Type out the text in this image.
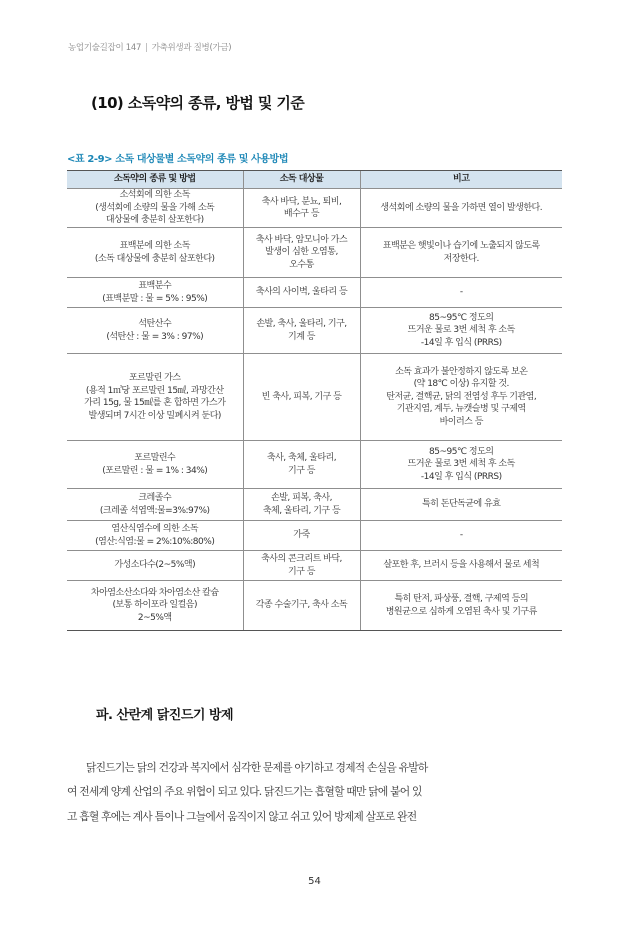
농업기술길잡이 147 | 가축위생과 질병(가금)
(10) 소독약의 종류, 방법 및 기준
<표 2-9> 소독 대상물별 소독약의 종류 및 사용방법
소독약의 종류 및 방법	소독 대상물	비고
소석회에 의한 소독
(생석회에 소량의 물을 가해 소독
대상물에 충분히 살포한다)	축사 바닥, 분뇨, 퇴비,
배수구 등	생석회에 소량의 물을 가하면 열이 발생한다.
표백분에 의한 소독
(소독 대상물에 충분히 살포한다)	축사 바닥, 암모니아 가스
발생이 심한 오염통,
오수통	표백분은 햇빛이나 습기에 노출되지 않도록
저장한다.
표백분수
(표백분말 : 물 = 5% : 95%)	축사의 사이벽, 울타리 등	-
석탄산수
(석탄산 : 물 = 3% : 97%)	손발, 축사, 울타리, 기구,
기계 등	85~95℃ 정도의
뜨거운 물로 3번 세척 후 소독
-14일 후 입식 (PRRS)
포르말린 가스
(용적 1㎥당 포르말린 15㎖, 과망간산
가리 15g, 물 15㎖를 혼 합하면 가스가
발생되며 7시간 이상 밀폐시켜 둔다)	빈 축사, 피복, 기구 등	소독 효과가 불안정하지 않도록 보온
(약 18℃ 이상) 유지할 것.
탄저균, 결핵균, 닭의 전염성 후두 기관염,
기관지염, 계두, 뉴캣슬병 및 구제역
바이러스 등
포르말린수
(포르말린 : 물 = 1% : 34%)	축사, 축체, 울타리,
기구 등	85~95℃ 정도의
뜨거운 물로 3번 세척 후 소독
-14일 후 입식 (PRRS)
크레졸수
(크레졸 석엽액:물=3%:97%)	손발, 피복, 축사,
축체, 울타리, 기구 등	특히 돈단독균에 유효
염산식염수에 의한 소독
(염산:식염:물 = 2%:10%:80%)	가죽	-
가성소다수(2~5%액)	축사의 콘크리트 바닥,
기구 등	살포한 후, 브러시 등을 사용해서 물로 세척
차아염소산소다와 차아염소산 칼슘
(보통 하이포라 일컬음)
2~5%액	각종 수술기구, 축사 소독	특히 탄저, 파상풍, 결핵, 구제역 등의
병원균으로 심하게 오염된 축사 및 기구류
파. 산란계 닭진드기 방제

닭진드기는 닭의 건강과 복지에서 심각한 문제를 야기하고 경제적 손실을 유발하
여 전세계 양계 산업의 주요 위협이 되고 있다. 닭진드기는 흡혈할 때만 닭에 붙어 있
고 흡혈 후에는 계사 틈이나 그늘에서 움직이지 않고 쉬고 있어 방제제 살포로 완전

54
